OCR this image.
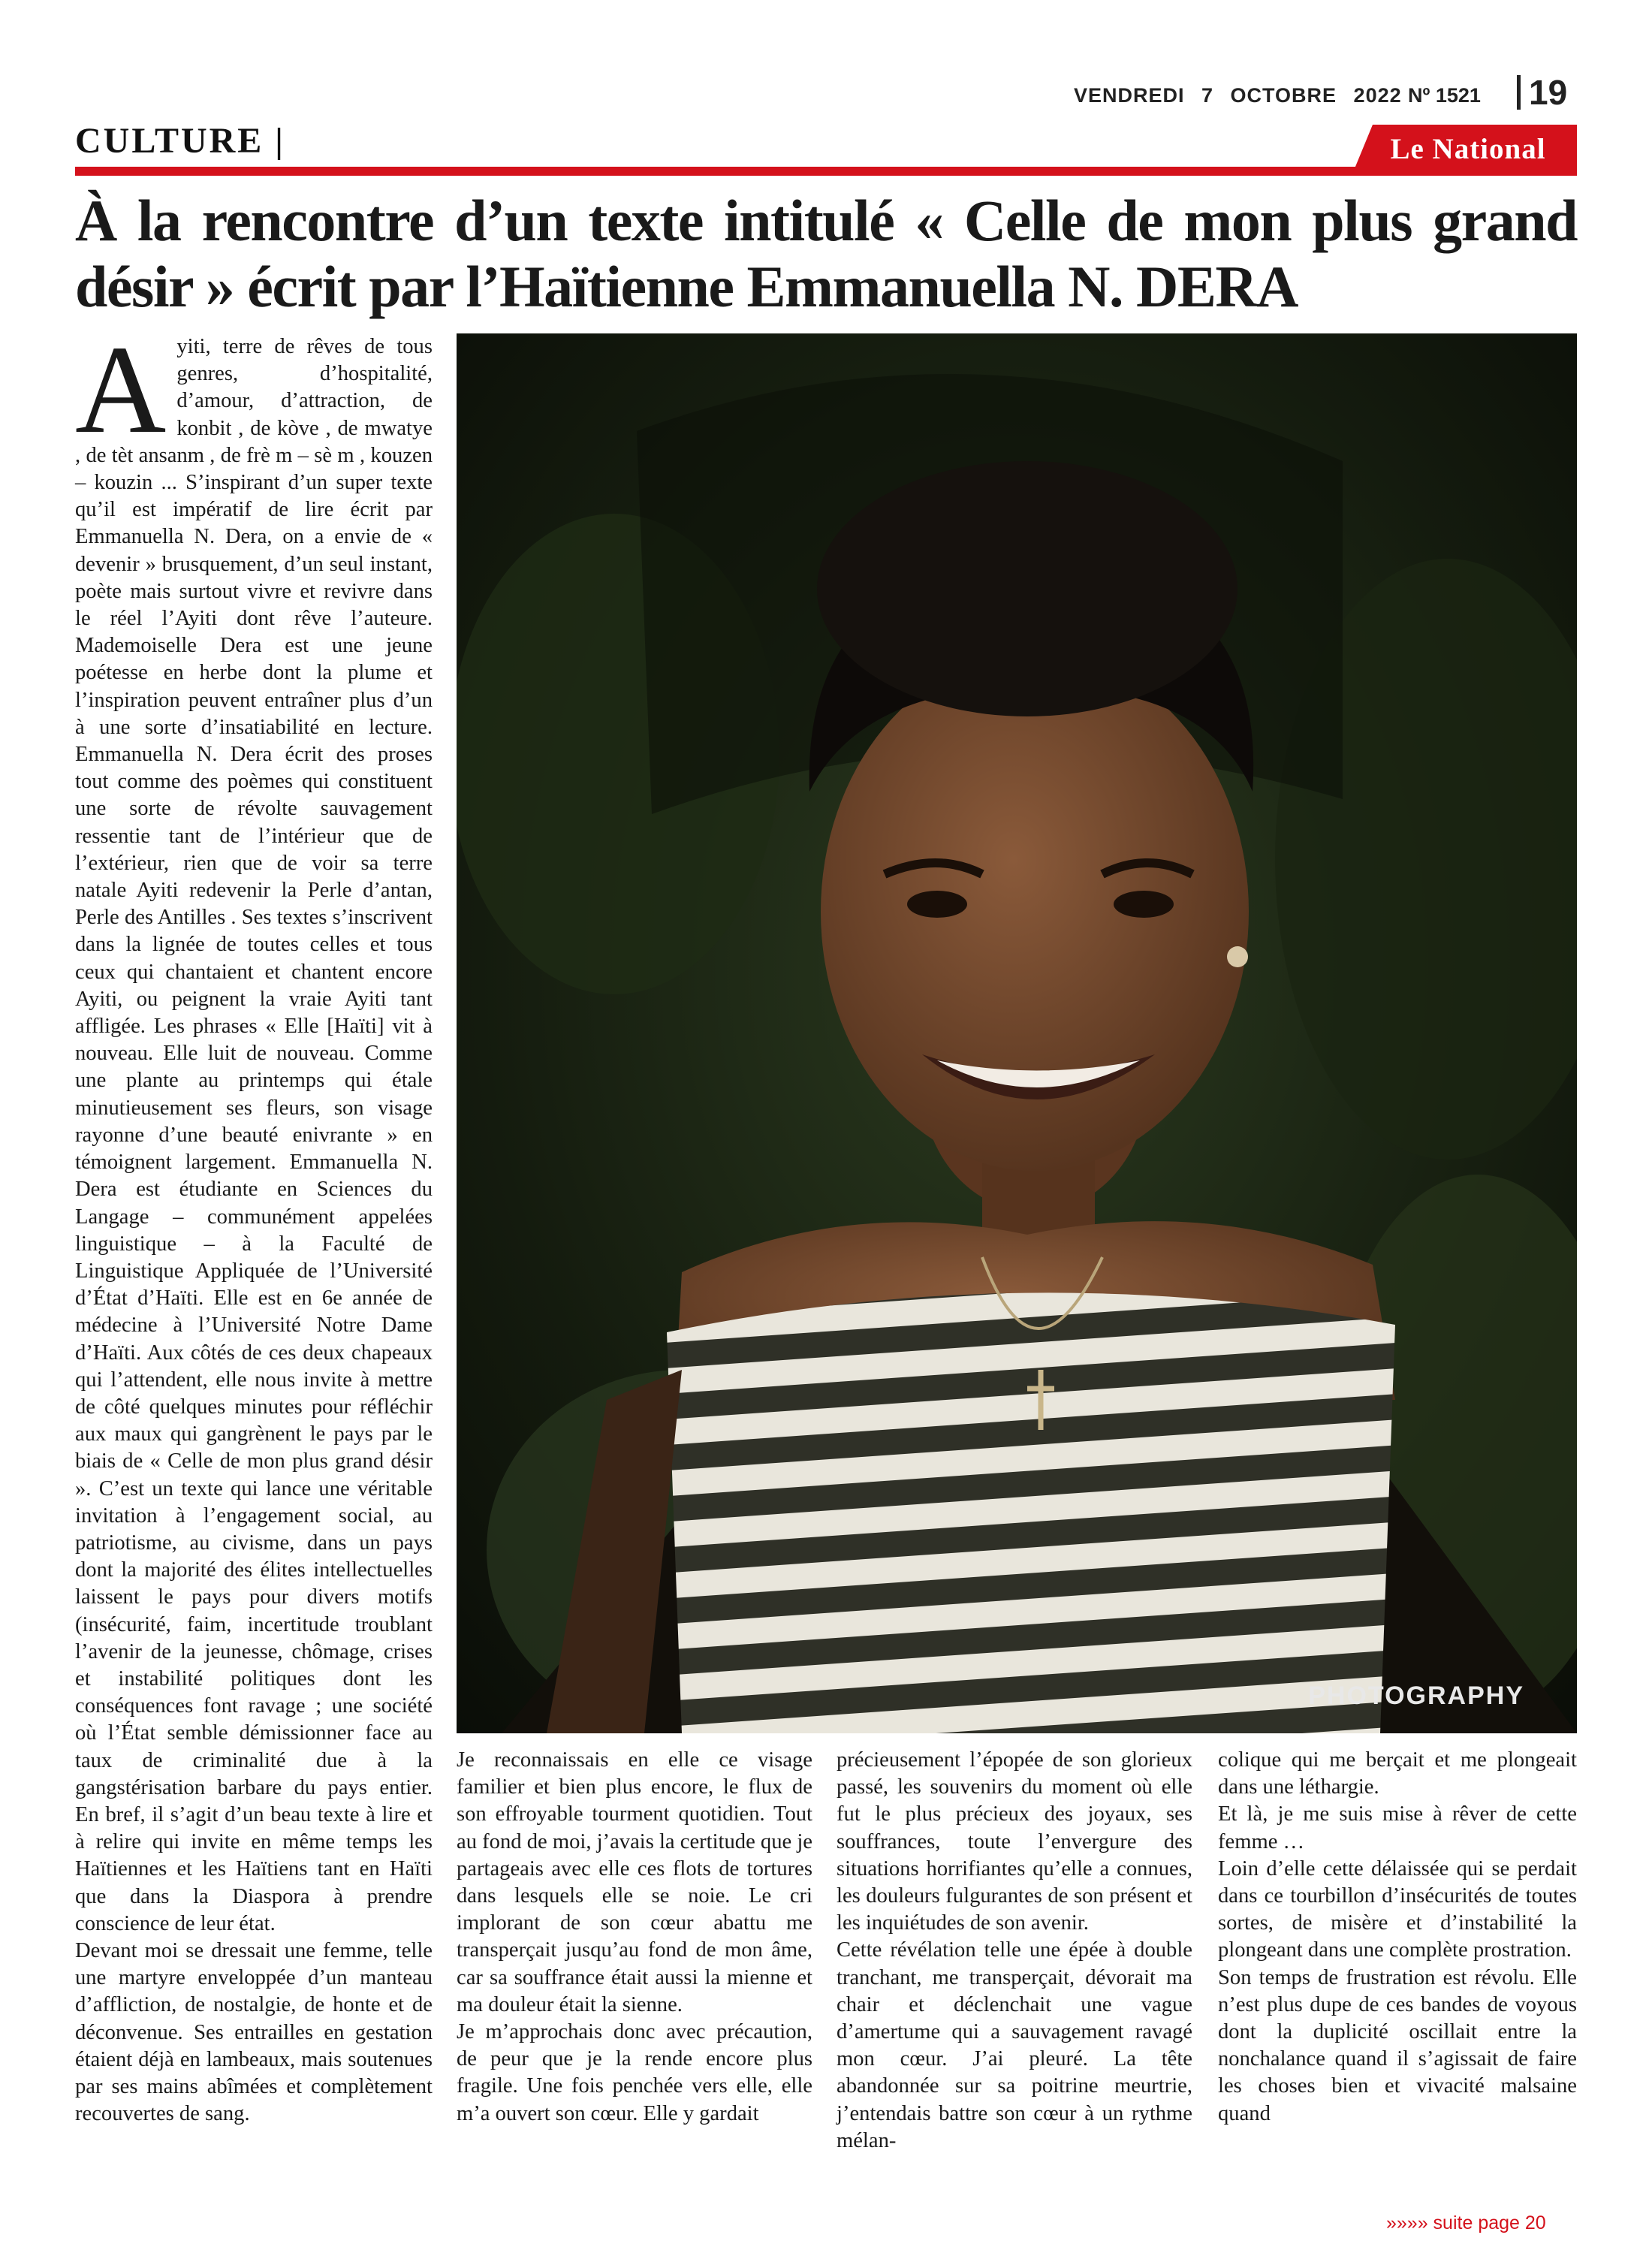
VENDREDI 7 OCTOBRE 2022 Nº 1521 19
CULTURE |	Le National
À la rencontre d’un texte intitulé « Celle de mon plus grand désir » écrit par l’Haïtienne Emmanuella N. DERA
PHOTOGRAPHY

Ayiti, terre de rêves de tous genres, d’hospitalité, d’amour, d’attraction, de konbit , de kòve , de mwatye , de tèt ansanm , de frè m – sè m , kouzen – kouzin ... S’inspirant d’un super texte qu’il est impératif de lire écrit par Emmanuella N. Dera, on a envie de « devenir » brusquement, d’un seul instant, poète mais surtout vivre et revivre dans le réel l’Ayiti dont rêve l’auteure. Mademoiselle Dera est une jeune poétesse en herbe dont la plume et l’inspiration peuvent entraîner plus d’un à une sorte d’insatiabilité en lecture. Emmanuella N. Dera écrit des proses tout comme des poèmes qui constituent une sorte de révolte sauvagement ressentie tant de l’intérieur que de l’extérieur, rien que de voir sa terre natale Ayiti redevenir la Perle d’antan, Perle des Antilles . Ses textes s’inscrivent dans la lignée de toutes celles et tous ceux qui chantaient et chantent encore Ayiti, ou peignent la vraie Ayiti tant affligée. Les phrases « Elle [Haïti] vit à nouveau. Elle luit de nouveau. Comme une plante au printemps qui étale minutieusement ses fleurs, son visage rayonne d’une beauté enivrante » en témoignent largement. Emmanuella N. Dera est étudiante en Sciences du Langage – communément appelées linguistique – à la Faculté de Linguistique Appliquée de l’Université d’État d’Haïti. Elle est en 6e année de médecine à l’Université Notre Dame d’Haïti. Aux côtés de ces deux chapeaux qui l’attendent, elle nous invite à mettre de côté quelques minutes pour réfléchir aux maux qui gangrènent le pays par le biais de « Celle de mon plus grand désir ». C’est un texte qui lance une véritable invitation à l’engagement social, au patriotisme, au civisme, dans un pays dont la majorité des élites intellectuelles laissent le pays pour divers motifs (insécurité, faim, incertitude troublant l’avenir de la jeunesse, chômage, crises et instabilité politiques dont les conséquences font ravage ; une société où l’État semble démissionner face au taux de criminalité due à la gangstérisation barbare du pays entier. En bref, il s’agit d’un beau texte à lire et à relire qui invite en même temps les Haïtiennes et les Haïtiens tant en Haïti que dans la Diaspora à prendre conscience de leur état.

Devant moi se dressait une femme, telle une martyre enveloppée d’un manteau d’affliction, de nostalgie, de honte et de déconvenue. Ses entrailles en gestation étaient déjà en lambeaux, mais soutenues par ses mains abîmées et complètement recouvertes de sang.

Je reconnaissais en elle ce visage familier et bien plus encore, le flux de son effroyable tourment quotidien. Tout au fond de moi, j’avais la certitude que je partageais avec elle ces flots de tortures dans lesquels elle se noie. Le cri implorant de son cœur abattu me transperçait jusqu’au fond de mon âme, car sa souffrance était aussi la mienne et ma douleur était la sienne.

Je m’approchais donc avec précaution, de peur que je la rende encore plus fragile. Une fois penchée vers elle, elle m’a ouvert son cœur. Elle y gardait

précieusement l’épopée de son glorieux passé, les souvenirs du moment où elle fut le plus précieux des joyaux, ses souffrances, toute l’envergure des situations horrifiantes qu’elle a connues, les douleurs fulgurantes de son présent et les inquiétudes de son avenir.

Cette révélation telle une épée à double tranchant, me transperçait, dévorait ma chair et déclenchait une vague d’amertume qui a sauvagement ravagé mon cœur. J’ai pleuré. La tête abandonnée sur sa poitrine meurtrie, j’entendais battre son cœur à un rythme mélan-

colique qui me berçait et me plongeait dans une léthargie.

Et là, je me suis mise à rêver de cette femme …

Loin d’elle cette délaissée qui se perdait dans ce tourbillon d’insécurités de toutes sortes, de misère et d’instabilité la plongeant dans une complète prostration.

Son temps de frustration est révolu. Elle n’est plus dupe de ces bandes de voyous dont la duplicité oscillait entre la nonchalance quand il s’agissait de faire les choses bien et vivacité malsaine quand

»»»» suite page 20
